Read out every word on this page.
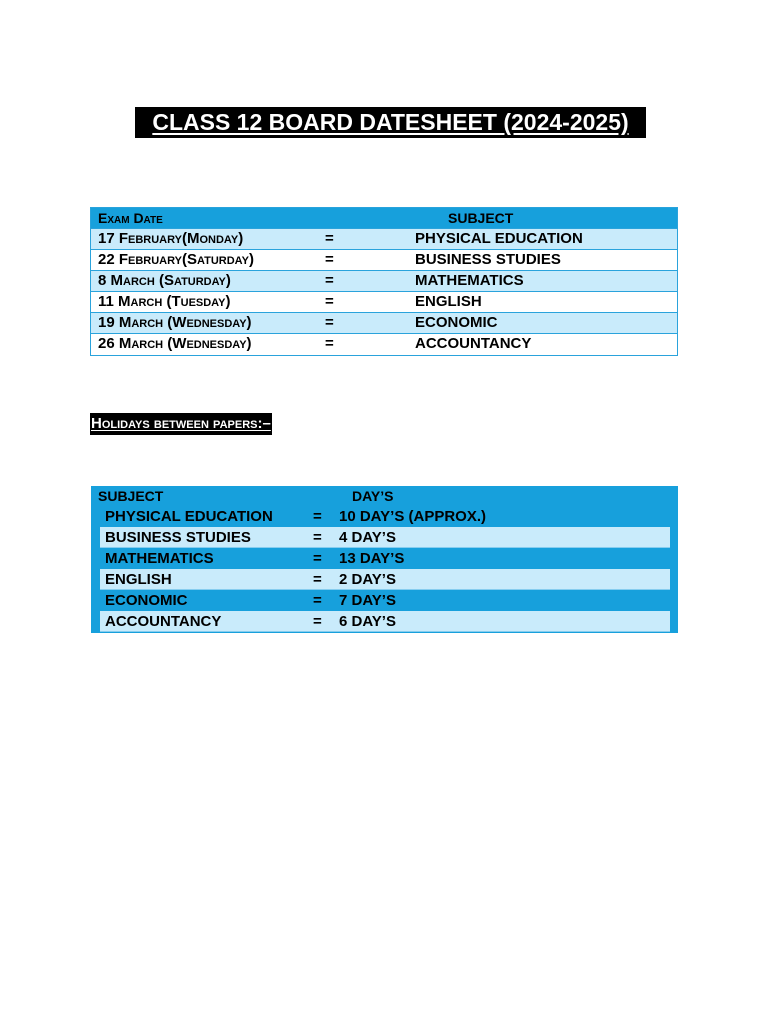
CLASS 12 BOARD DATESHEET (2024-2025)
Exam Date	SUBJECT
17 February(Monday)	=	PHYSICAL EDUCATION
22 February(Saturday)	=	BUSINESS STUDIES
8 March (Saturday)	=	MATHEMATICS
11 March (Tuesday)	=	ENGLISH
19 March (Wednesday)	=	ECONOMIC
26 March (Wednesday)	=	ACCOUNTANCY
Holidays between papers:–
SUBJECT	DAY’S
PHYSICAL EDUCATION	= 10 DAY’S (APPROX.)
BUSINESS STUDIES	= 4 DAY’S
MATHEMATICS	= 13 DAY’S
ENGLISH	= 2 DAY’S
ECONOMIC	= 7 DAY’S
ACCOUNTANCY	= 6 DAY’S
